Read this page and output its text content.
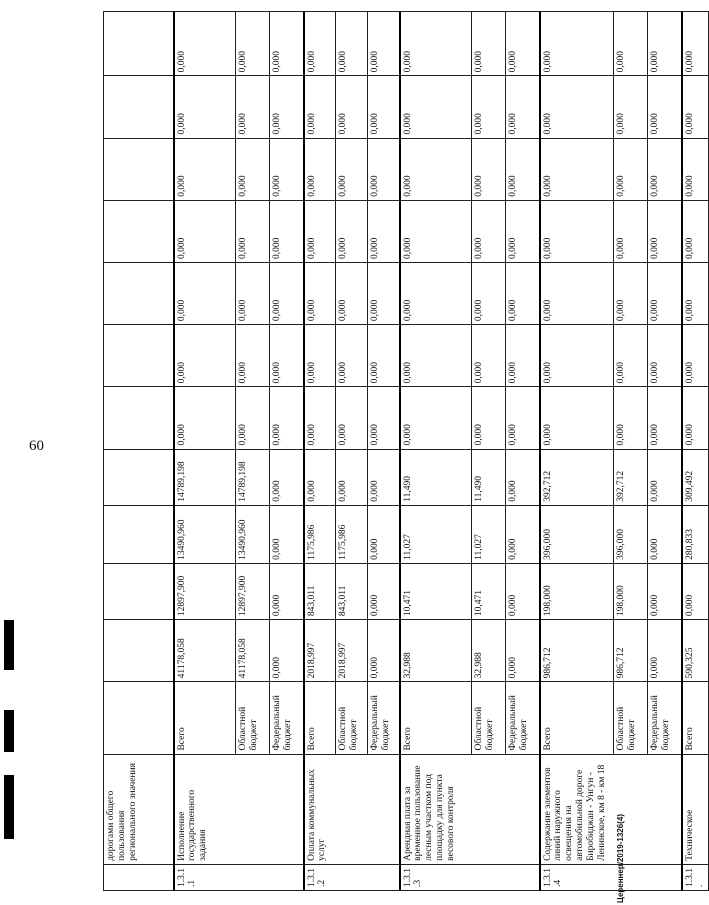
60
Цереннер/2019-1326(4)
	дорогами общего пользования регионального значения												
1.3.1.1	Исполнение государственного задания	Всего	41178,058	12897,900	13490,960	14789,198	0,000	0,000	0,000	0,000	0,000	0,000	0,000
		Областной бюджет	41178,058	12897,900	13490,960	14789,198	0,000	0,000	0,000	0,000	0,000	0,000	0,000
		Федеральный бюджет	0,000	0,000	0,000	0,000	0,000	0,000	0,000	0,000	0,000	0,000	0,000
1.3.1.2	Оплата коммунальных услуг	Всего	2018,997	843,011	1175,986	0,000	0,000	0,000	0,000	0,000	0,000	0,000	0,000
		Областной бюджет	2018,997	843,011	1175,986	0,000	0,000	0,000	0,000	0,000	0,000	0,000	0,000
		Федеральный бюджет	0,000	0,000	0,000	0,000	0,000	0,000	0,000	0,000	0,000	0,000	0,000
1.3.1.3	Арендная плата за временное пользование лесным участком под площадку для пункта весового контроля	Всего	32,988	10,471	11,027	11,490	0,000	0,000	0,000	0,000	0,000	0,000	0,000
		Областной бюджет	32,988	10,471	11,027	11,490	0,000	0,000	0,000	0,000	0,000	0,000	0,000
		Федеральный бюджет	0,000	0,000	0,000	0,000	0,000	0,000	0,000	0,000	0,000	0,000	0,000
1.3.1.4	Содержание элементов линий наружного освещения на автомобильной дороге Биробиджан - Унгун - Ленинское, км 8 - км 18	Всего	986,712	198,000	396,000	392,712	0,000	0,000	0,000	0,000	0,000	0,000	0,000
		Областной бюджет	986,712	198,000	396,000	392,712	0,000	0,000	0,000	0,000	0,000	0,000	0,000
		Федеральный бюджет	0,000	0,000	0,000	0,000	0,000	0,000	0,000	0,000	0,000	0,000	0,000
1.3.1.	Техническое	Всего	590,325	0,000	280,833	309,492	0,000	0,000	0,000	0,000	0,000	0,000	0,000
